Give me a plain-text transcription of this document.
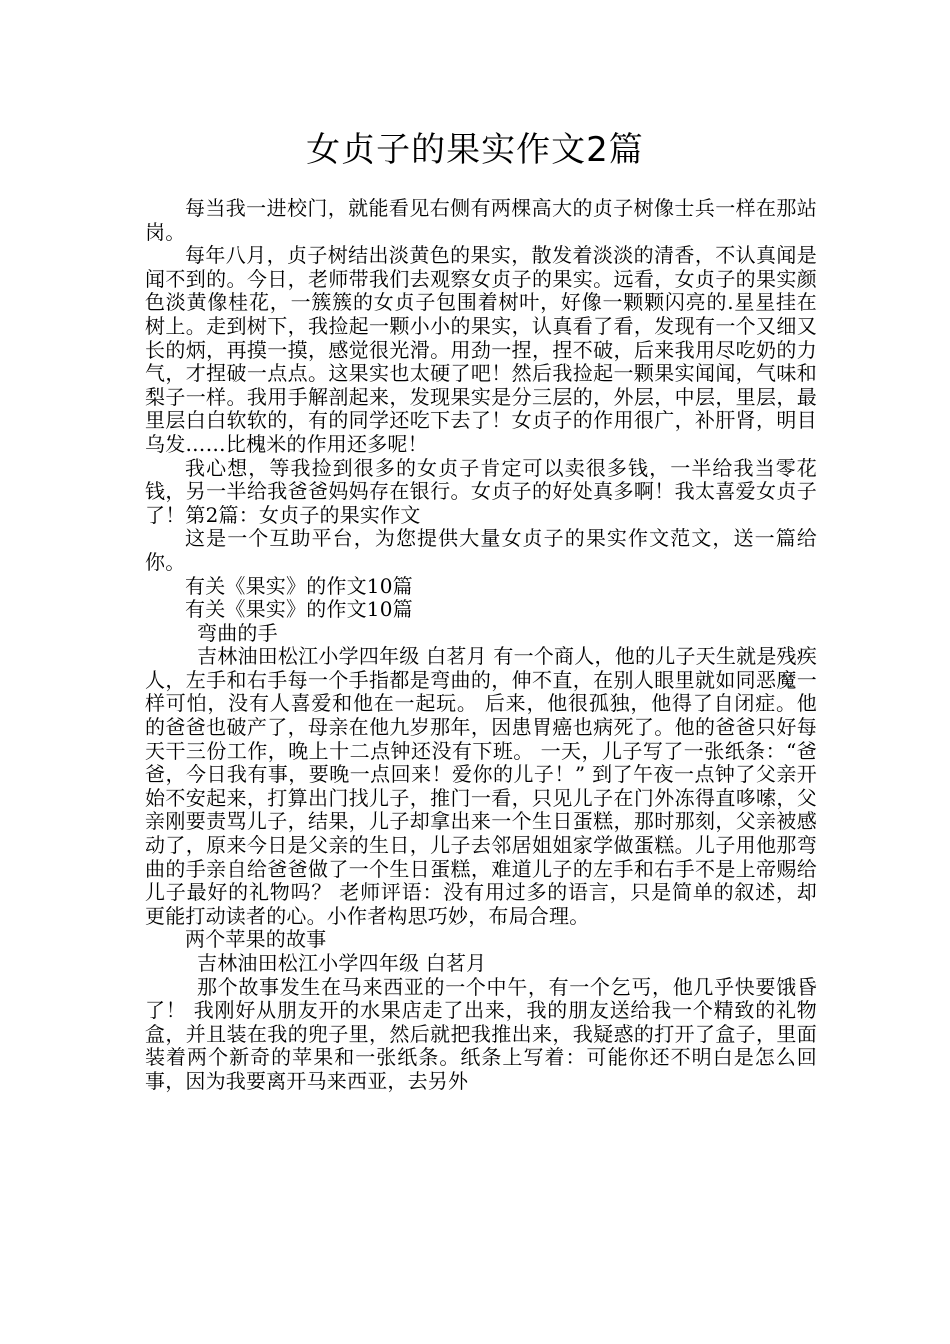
女贞子的果实作文2篇

每当我一进校门，就能看见右侧有两棵高大的贞子树像士兵一样在那站岗。

每年八月，贞子树结出淡黄色的果实，散发着淡淡的清香，不认真闻是闻不到的。今日，老师带我们去观察女贞子的果实。远看，女贞子的果实颜色淡黄像桂花，一簇簇的女贞子包围着树叶，好像一颗颗闪亮的.星星挂在树上。走到树下，我捡起一颗小小的果实，认真看了看，发现有一个又细又长的炳，再摸一摸，感觉很光滑。用劲一捏，捏不破，后来我用尽吃奶的力气，才捏破一点点。这果实也太硬了吧！然后我捡起一颗果实闻闻，气味和梨子一样。我用手解剖起来，发现果实是分三层的，外层，中层，里层，最里层白白软软的，有的同学还吃下去了！女贞子的作用很广，补肝肾，明目乌发……比槐米的作用还多呢！

我心想，等我捡到很多的女贞子肯定可以卖很多钱，一半给我当零花钱，另一半给我爸爸妈妈存在银行。女贞子的好处真多啊！我太喜爱女贞子了！第2篇：女贞子的果实作文

这是一个互助平台，为您提供大量女贞子的果实作文范文，送一篇给你。

有关《果实》的作文10篇

有关《果实》的作文10篇

弯曲的手

吉林油田松江小学四年级 白茗月 有一个商人，他的儿子天生就是残疾人，左手和右手每一个手指都是弯曲的，伸不直，在别人眼里就如同恶魔一样可怕，没有人喜爱和他在一起玩。 后来，他很孤独，他得了自闭症。他的爸爸也破产了，母亲在他九岁那年，因患胃癌也病死了。他的爸爸只好每天干三份工作，晚上十二点钟还没有下班。 一天，儿子写了一张纸条：“爸爸，今日我有事，要晚一点回来！爱你的儿子！” 到了午夜一点钟了父亲开始不安起来，打算出门找儿子，推门一看，只见儿子在门外冻得直哆嗦，父亲刚要责骂儿子，结果，儿子却拿出来一个生日蛋糕，那时那刻，父亲被感动了，原来今日是父亲的生日，儿子去邻居姐姐家学做蛋糕。儿子用他那弯曲的手亲自给爸爸做了一个生日蛋糕，难道儿子的左手和右手不是上帝赐给儿子最好的礼物吗？ 老师评语：没有用过多的语言，只是简单的叙述，却更能打动读者的心。小作者构思巧妙，布局合理。

两个苹果的故事

吉林油田松江小学四年级 白茗月

那个故事发生在马来西亚的一个中午，有一个乞丐，他几乎快要饿昏了！ 我刚好从朋友开的水果店走了出来，我的朋友送给我一个精致的礼物盒，并且装在我的兜子里，然后就把我推出来，我疑惑的打开了盒子，里面装着两个新奇的苹果和一张纸条。纸条上写着：可能你还不明白是怎么回事，因为我要离开马来西亚，去另外
